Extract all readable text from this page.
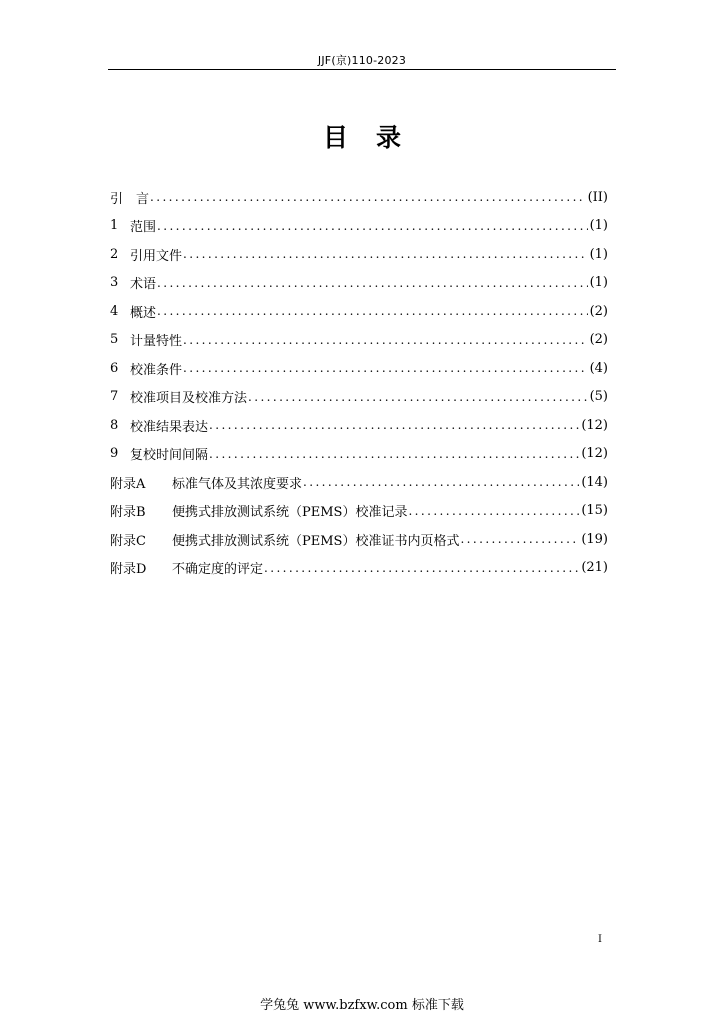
JJF(京)110-2023
目录
引　言 .....	(II)
1 范围 .....	(1)
2 引用文件 .....	(1)
3 术语 .....	(1)
4 概述 .....	(2)
5 计量特性 .....	(2)
6 校准条件 .....	(4)
7 校准项目及校准方法 .....	(5)
8 校准结果表达 .....	(12)
9 复校时间间隔 .....	(12)
附录A	标准气体及其浓度要求 .....	(14)
附录B	便携式排放测试系统（PEMS）校准记录 .....	(15)
附录C	便携式排放测试系统（PEMS）校准证书内页格式 .....	(19)
附录D	不确定度的评定 .....	(21)
I
学兔兔 www.bzfxw.com 标准下载
